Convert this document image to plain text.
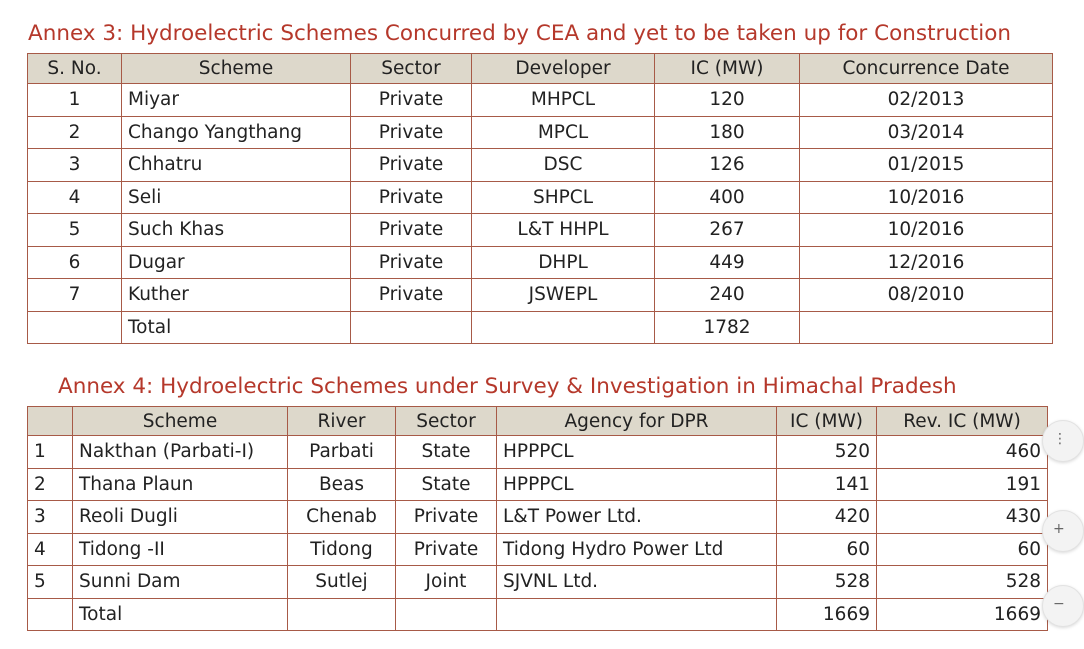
Annex 3: Hydroelectric Schemes Concurred by CEA and yet to be taken up for Construction
S. No.	Scheme	Sector	Developer	IC (MW)	Concurrence Date
1	Miyar	Private	MHPCL	120	02/2013
2	Chango Yangthang	Private	MPCL	180	03/2014
3	Chhatru	Private	DSC	126	01/2015
4	Seli	Private	SHPCL	400	10/2016
5	Such Khas	Private	L&T HHPL	267	10/2016
6	Dugar	Private	DHPL	449	12/2016
7	Kuther	Private	JSWEPL	240	08/2010
	Total			1782	
Annex 4: Hydroelectric Schemes under Survey & Investigation in Himachal Pradesh
	Scheme	River	Sector	Agency for DPR	IC (MW)	Rev. IC (MW)
1	Nakthan (Parbati-I)	Parbati	State	HPPPCL	520	460
2	Thana Plaun	Beas	State	HPPPCL	141	191
3	Reoli Dugli	Chenab	Private	L&T Power Ltd.	420	430
4	Tidong -II	Tidong	Private	Tidong Hydro Power Ltd	60	60
5	Sunni Dam	Sutlej	Joint	SJVNL Ltd.	528	528
	Total				1669	1669
⋮
+
−
